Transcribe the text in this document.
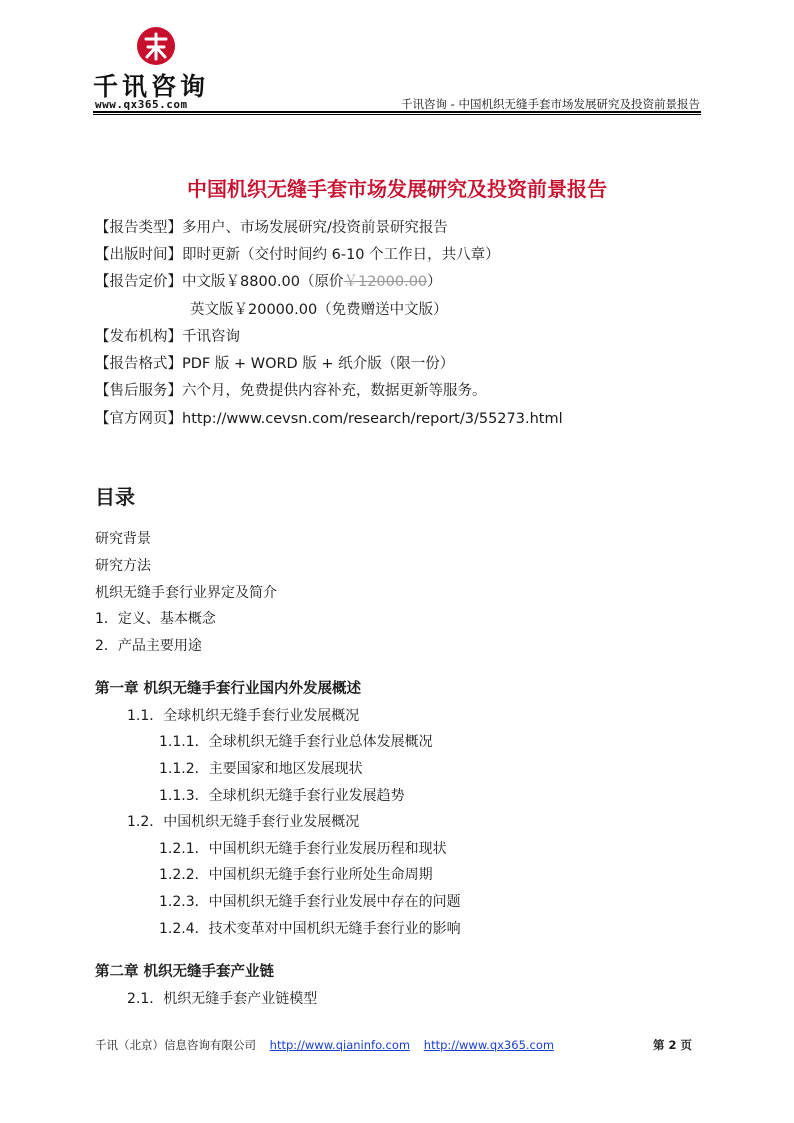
千讯咨询
www.qx365.com	千讯咨询 - 中国机织无缝手套市场发展研究及投资前景报告
中国机织无缝手套市场发展研究及投资前景报告
【报告类型】多用户、市场发展研究/投资前景研究报告
【出版时间】即时更新（交付时间约 6-10 个工作日，共八章）
【报告定价】中文版￥8800.00（原价￥12000.00）
英文版￥20000.00（免费赠送中文版）
【发布机构】千讯咨询
【报告格式】PDF 版 + WORD 版 + 纸介版（限一份）
【售后服务】六个月，免费提供内容补充，数据更新等服务。
【官方网页】http://www.cevsn.com/research/report/3/55273.html
目录
研究背景
研究方法
机织无缝手套行业界定及简介
1．定义、基本概念
2．产品主要用途
第一章 机织无缝手套行业国内外发展概述
1.1．全球机织无缝手套行业发展概况
1.1.1．全球机织无缝手套行业总体发展概况
1.1.2．主要国家和地区发展现状
1.1.3．全球机织无缝手套行业发展趋势
1.2．中国机织无缝手套行业发展概况
1.2.1．中国机织无缝手套行业发展历程和现状
1.2.2．中国机织无缝手套行业所处生命周期
1.2.3．中国机织无缝手套行业发展中存在的问题
1.2.4．技术变革对中国机织无缝手套行业的影响
第二章 机织无缝手套产业链
2.1．机织无缝手套产业链模型
千讯（北京）信息咨询有限公司 http://www.qianinfo.com http://www.qx365.com	第 2 页
